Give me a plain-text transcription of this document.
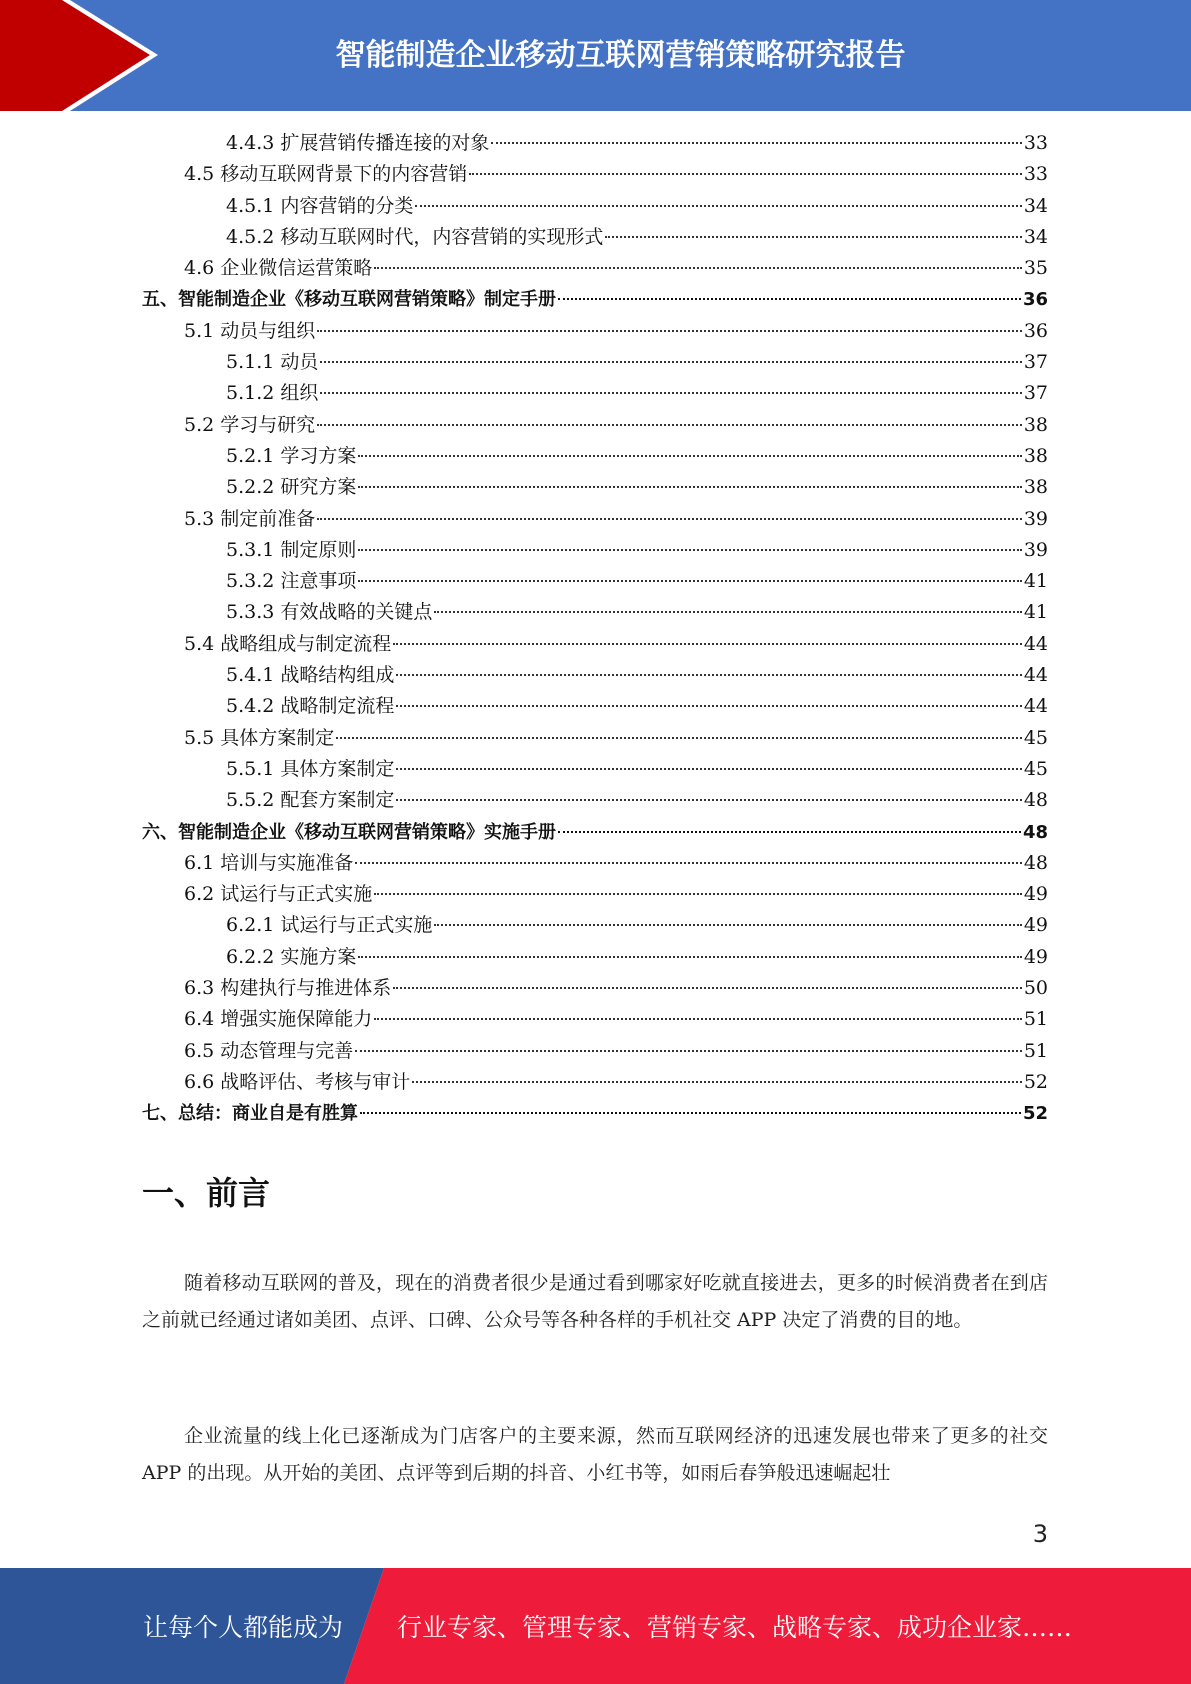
智能制造企业移动互联网营销策略研究报告
4.4.3 扩展营销传播连接的对象	33
4.5 移动互联网背景下的内容营销	33
4.5.1 内容营销的分类	34
4.5.2 移动互联网时代，内容营销的实现形式	34
4.6 企业微信运营策略	35
五、智能制造企业《移动互联网营销策略》制定手册	36
5.1 动员与组织	36
5.1.1 动员	37
5.1.2 组织	37
5.2 学习与研究	38
5.2.1 学习方案	38
5.2.2 研究方案	38
5.3 制定前准备	39
5.3.1 制定原则	39
5.3.2 注意事项	41
5.3.3 有效战略的关键点	41
5.4 战略组成与制定流程	44
5.4.1 战略结构组成	44
5.4.2 战略制定流程	44
5.5 具体方案制定	45
5.5.1 具体方案制定	45
5.5.2 配套方案制定	48
六、智能制造企业《移动互联网营销策略》实施手册	48
6.1 培训与实施准备	48
6.2 试运行与正式实施	49
6.2.1 试运行与正式实施	49
6.2.2 实施方案	49
6.3 构建执行与推进体系	50
6.4 增强实施保障能力	51
6.5 动态管理与完善	51
6.6 战略评估、考核与审计	52
七、总结：商业自是有胜算	52
一、前言
随着移动互联网的普及，现在的消费者很少是通过看到哪家好吃就直接进去，更多的时候消费者在到店之前就已经通过诸如美团、点评、口碑、公众号等各种各样的手机社交 APP 决定了消费的目的地。
企业流量的线上化已逐渐成为门店客户的主要来源，然而互联网经济的迅速发展也带来了更多的社交 APP 的出现。从开始的美团、点评等到后期的抖音、小红书等，如雨后春笋般迅速崛起壮
3
让每个人都能成为 行业专家、管理专家、营销专家、战略专家、成功企业家……
